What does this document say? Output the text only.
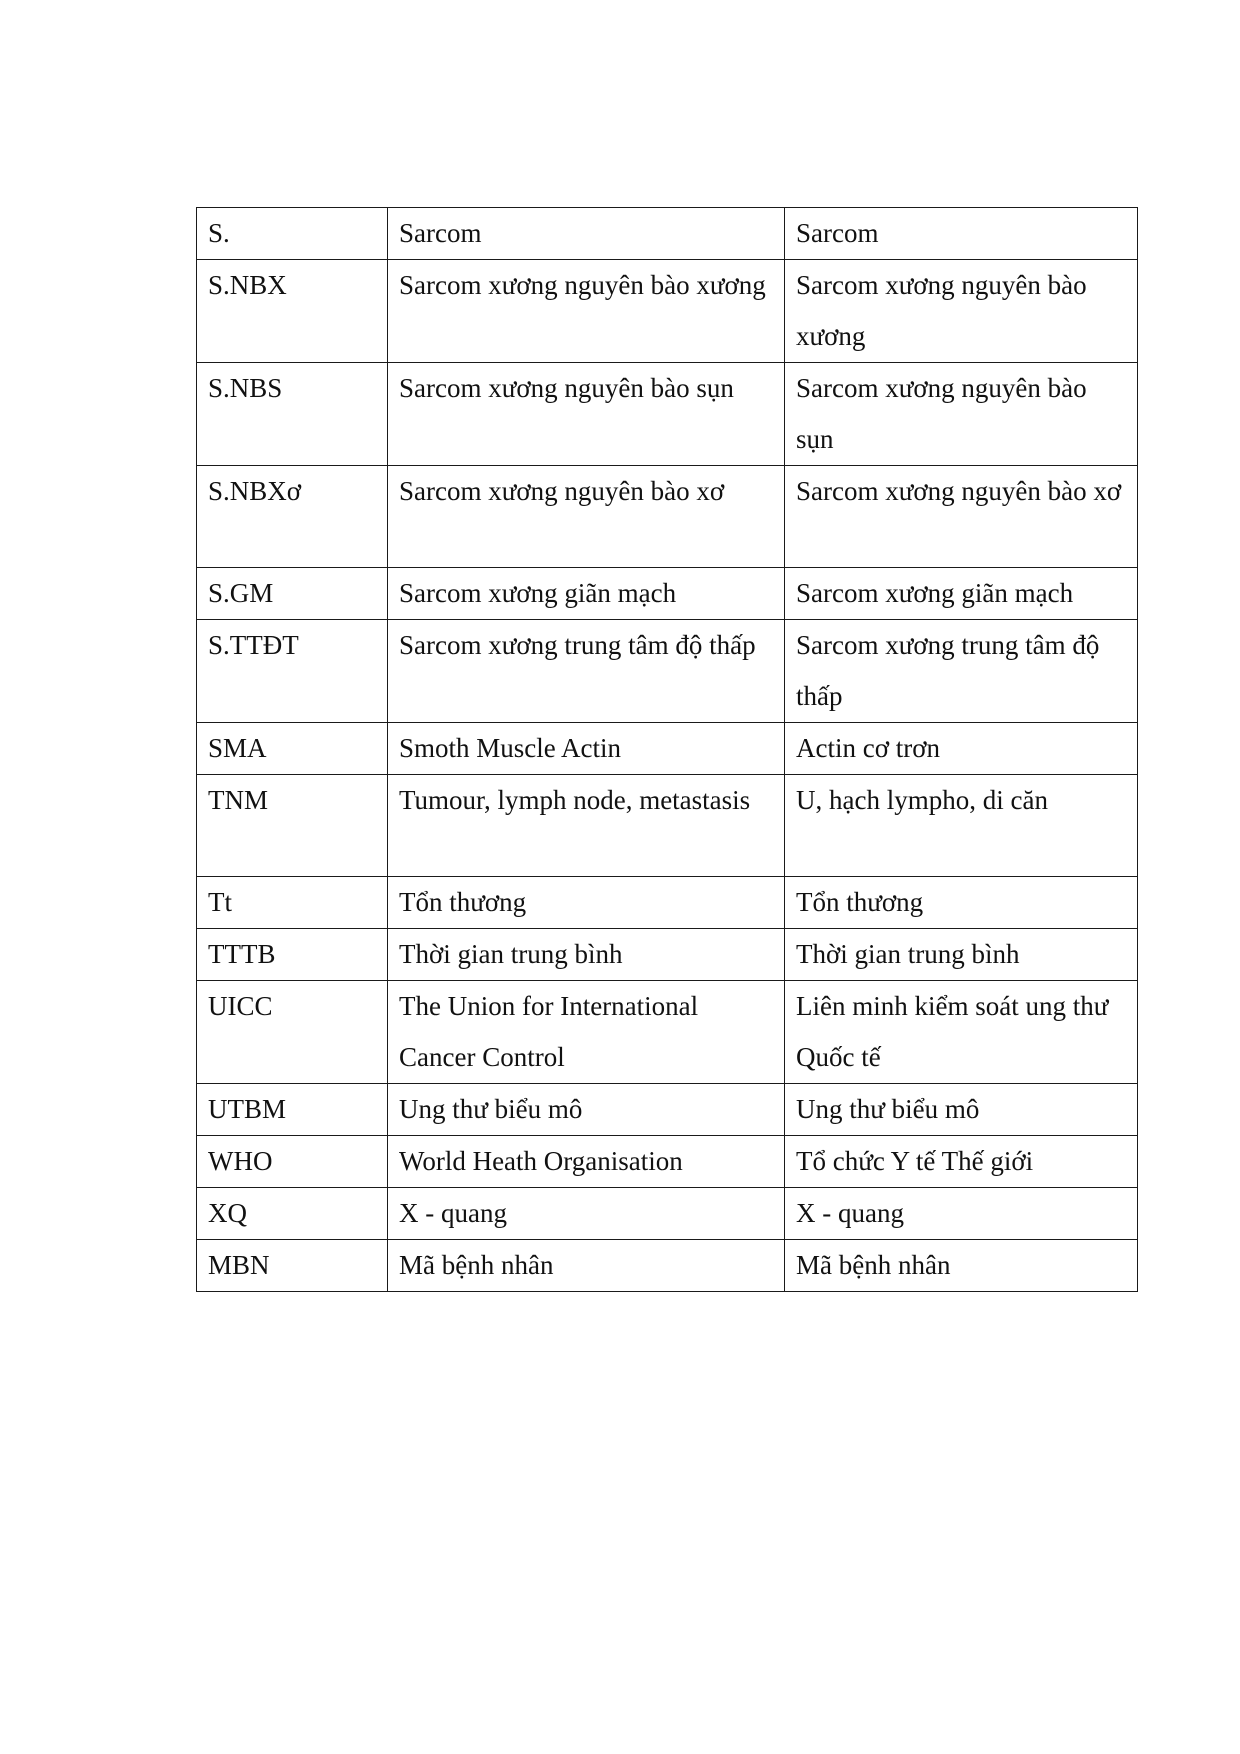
S.	Sarcom	Sarcom
S.NBX	Sarcom xương nguyên bào xương	Sarcom xương nguyên bào xương
S.NBS	Sarcom xương nguyên bào sụn	Sarcom xương nguyên bào sụn
S.NBXơ	Sarcom xương nguyên bào xơ	Sarcom xương nguyên bào xơ
S.GM	Sarcom xương giãn mạch	Sarcom xương giãn mạch
S.TTĐT	Sarcom xương trung tâm độ thấp	Sarcom xương trung tâm độ thấp
SMA	Smoth Muscle Actin	Actin cơ trơn
TNM	Tumour, lymph node, metastasis	U, hạch lympho, di căn
Tt	Tổn thương	Tổn thương
TTTB	Thời gian trung bình	Thời gian trung bình
UICC	The Union for International Cancer Control	Liên minh kiểm soát ung thư Quốc tế
UTBM	Ung thư biểu mô	Ung thư biểu mô
WHO	World Heath Organisation	Tổ chức Y tế Thế giới
XQ	X - quang	X - quang
MBN	Mã bệnh nhân	Mã bệnh nhân
